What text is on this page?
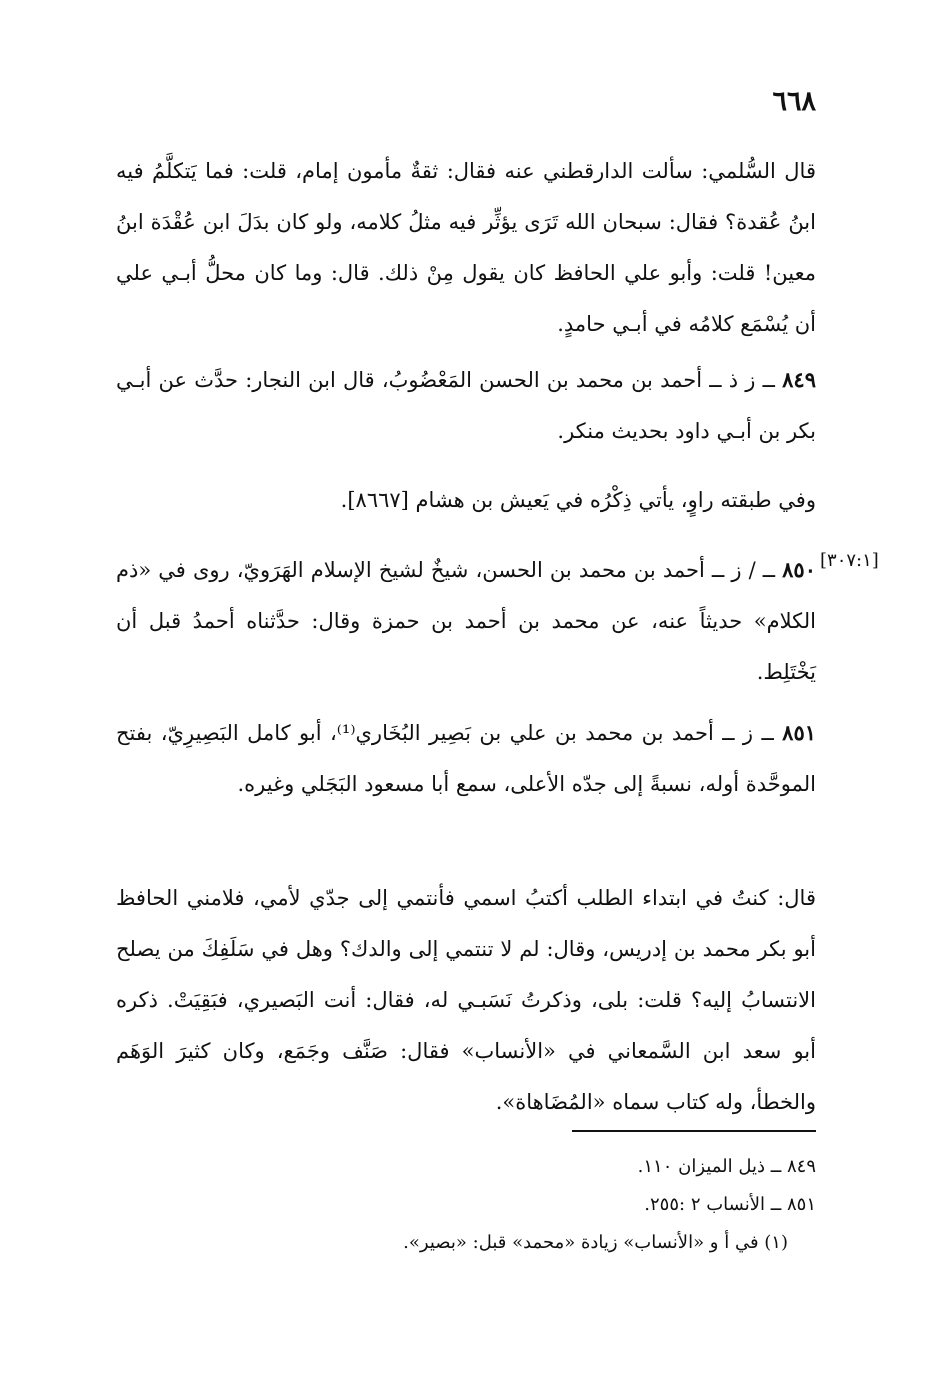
٦٦٨

قال السُّلمي: سألت الدارقطني عنه فقال: ثقةٌ مأمون إمام، قلت: فما يَتكلَّمُ فيه ابنُ عُقدة؟ فقال: سبحان الله تَرَى يؤثِّر فيه مثلُ كلامه، ولو كان بدَلَ ابن عُقْدَة ابنُ معين! قلت: وأبو علي الحافظ كان يقول مِنْ ذلك. قال: وما كان محلُّ أبـي علي أن يُسْمَع كلامُه في أبـي حامدٍ.

٨٤٩ ــ ز ذ ــ أحمد بن محمد بن الحسن المَعْضُوبُ، قال ابن النجار: حدَّث عن أبـي بكر بن أبـي داود بحديث منكر.

وفي طبقته راوٍ، يأتي ذِكْرُه في يَعيش بن هشام [٨٦٦٧].

[٣٠٧:١]

٨٥٠ ــ / ز ــ أحمد بن محمد بن الحسن، شيخٌ لشيخ الإسلام الهَرَويّ، روى في «ذم الكلام» حديثاً عنه، عن محمد بن أحمد بن حمزة وقال: حدَّثناه أحمدُ قبل أن يَخْتَلِط.

٨٥١ ــ ز ــ أحمد بن محمد بن علي بن بَصِير البُخَاري⁽¹⁾، أبو كامل البَصِيرِيّ، بفتح الموحَّدة أوله، نسبةً إلى جدّه الأعلى، سمع أبا مسعود البَجَلي وغيره.

قال: كنتُ في ابتداء الطلب أكتبُ اسمي فأنتمي إلى جدّي لأمي، فلامني الحافظ أبو بكر محمد بن إدريس، وقال: لم لا تنتمي إلى والدك؟ وهل في سَلَفِكَ من يصلح الانتسابُ إليه؟ قلت: بلى، وذكرتُ نَسَبـي له، فقال: أنت البَصيري، فبَقِيَتْ. ذكره أبو سعد ابن السَّمعاني في «الأنساب» فقال: صَنَّف وجَمَع، وكان كثيرَ الوَهَم والخطأ، وله كتاب سماه «المُضَاهاة».

٨٤٩ ــ ذيل الميزان ١١٠.

٨٥١ ــ الأنساب ٢ :٢٥٥.

(١) في أ و «الأنساب» زيادة «محمد» قبل: «بصير».
